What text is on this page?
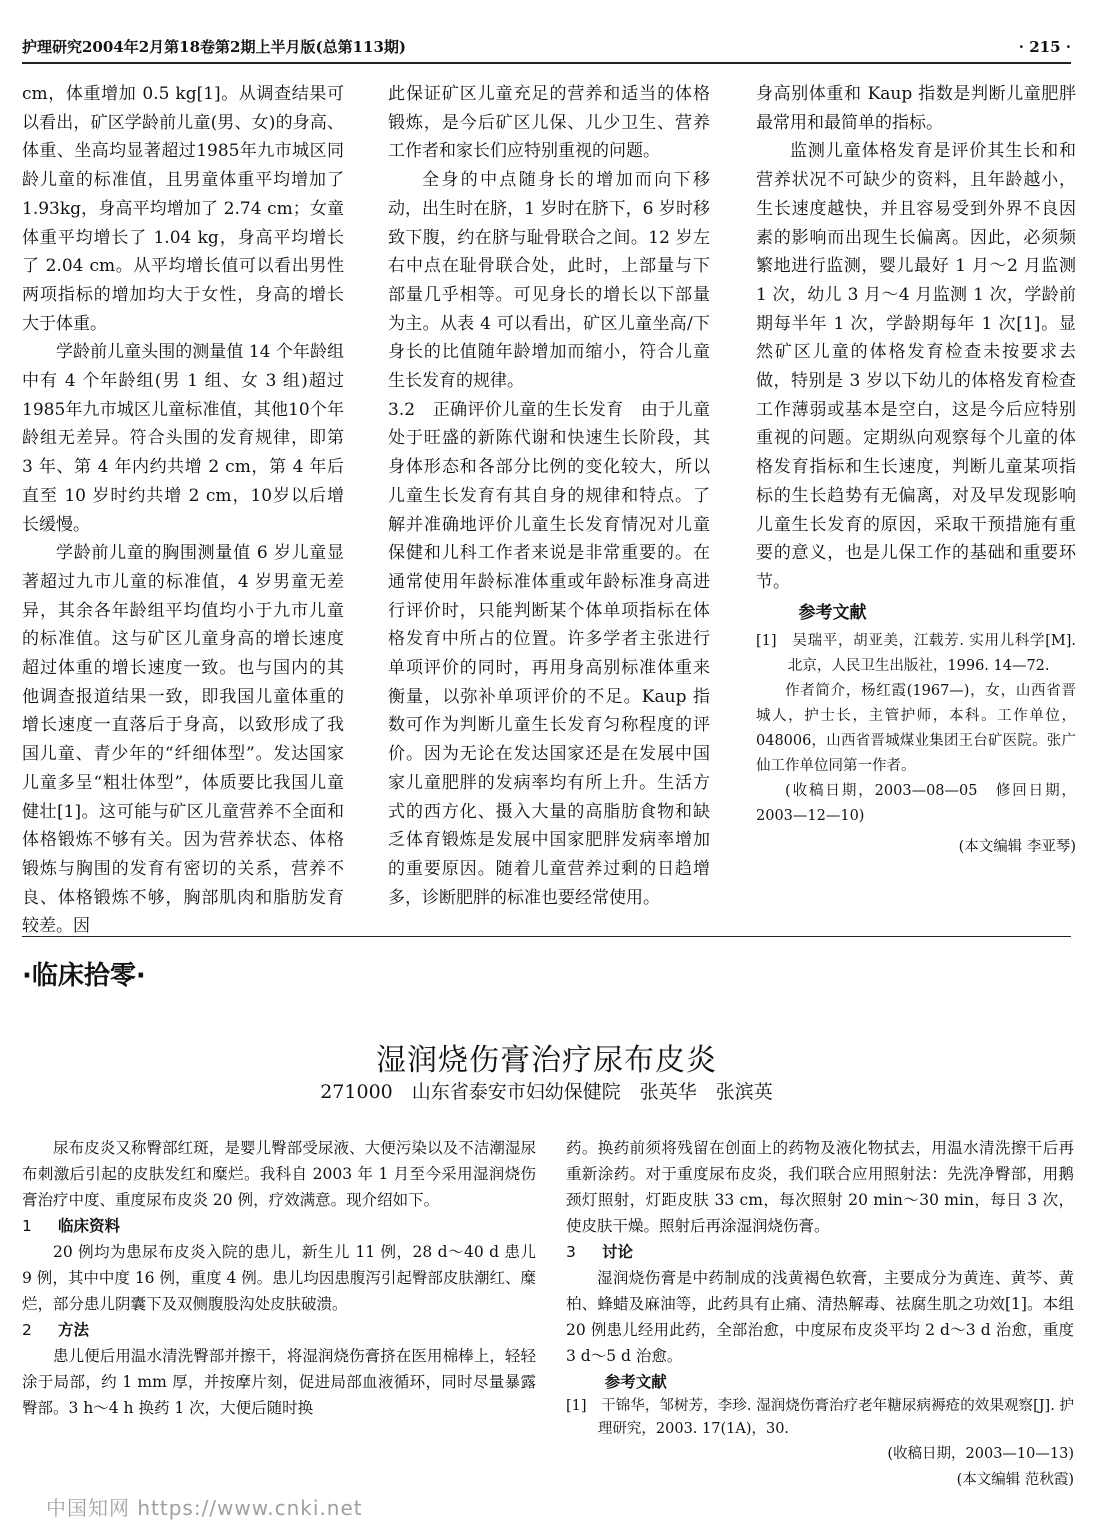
护理研究2004年2月第18卷第2期上半月版(总第113期)	· 215 ·

cm，体重增加 0.5 kg[1]。从调查结果可以看出，矿区学龄前儿童(男、女)的身高、体重、坐高均显著超过1985年九市城区同龄儿童的标准值，且男童体重平均增加了 1.93kg，身高平均增加了 2.74 cm；女童体重平均增长了 1.04 kg，身高平均增长了 2.04 cm。从平均增长值可以看出男性两项指标的增加均大于女性，身高的增长大于体重。

学龄前儿童头围的测量值 14 个年龄组中有 4 个年龄组(男 1 组、女 3 组)超过1985年九市城区儿童标准值，其他10个年龄组无差异。符合头围的发育规律，即第 3 年、第 4 年内约共增 2 cm，第 4 年后直至 10 岁时约共增 2 cm，10岁以后增长缓慢。

学龄前儿童的胸围测量值 6 岁儿童显著超过九市儿童的标准值，4 岁男童无差异，其余各年龄组平均值均小于九市儿童的标准值。这与矿区儿童身高的增长速度超过体重的增长速度一致。也与国内的其他调查报道结果一致，即我国儿童体重的增长速度一直落后于身高，以致形成了我国儿童、青少年的“纤细体型”。发达国家儿童多呈“粗壮体型”，体质要比我国儿童健壮[1]。这可能与矿区儿童营养不全面和体格锻炼不够有关。因为营养状态、体格锻炼与胸围的发育有密切的关系，营养不良、体格锻炼不够，胸部肌肉和脂肪发育较差。因

此保证矿区儿童充足的营养和适当的体格锻炼，是今后矿区儿保、儿少卫生、营养工作者和家长们应特别重视的问题。

全身的中点随身长的增加而向下移动，出生时在脐，1 岁时在脐下，6 岁时移致下腹，约在脐与耻骨联合之间。12 岁左右中点在耻骨联合处，此时，上部量与下部量几乎相等。可见身长的增长以下部量为主。从表 4 可以看出，矿区儿童坐高/下身长的比值随年龄增加而缩小，符合儿童生长发育的规律。

3.2　正确评价儿童的生长发育　由于儿童处于旺盛的新陈代谢和快速生长阶段，其身体形态和各部分比例的变化较大，所以儿童生长发育有其自身的规律和特点。了解并准确地评价儿童生长发育情况对儿童保健和儿科工作者来说是非常重要的。在通常使用年龄标准体重或年龄标准身高进行评价时，只能判断某个体单项指标在体格发育中所占的位置。许多学者主张进行单项评价的同时，再用身高别标准体重来衡量，以弥补单项评价的不足。Kaup 指数可作为判断儿童生长发育匀称程度的评价。因为无论在发达国家还是在发展中国家儿童肥胖的发病率均有所上升。生活方式的西方化、摄入大量的高脂肪食物和缺乏体育锻炼是发展中国家肥胖发病率增加的重要原因。随着儿童营养过剩的日趋增多，诊断肥胖的标准也要经常使用。

身高别体重和 Kaup 指数是判断儿童肥胖最常用和最简单的指标。

监测儿童体格发育是评价其生长和和营养状况不可缺少的资料，且年龄越小，生长速度越快，并且容易受到外界不良因素的影响而出现生长偏离。因此，必须频繁地进行监测，婴儿最好 1 月～2 月监测 1 次，幼儿 3 月～4 月监测 1 次，学龄前期每半年 1 次，学龄期每年 1 次[1]。显然矿区儿童的体格发育检查未按要求去做，特别是 3 岁以下幼儿的体格发育检查工作薄弱或基本是空白，这是今后应特别重视的问题。定期纵向观察每个儿童的体格发育指标和生长速度，判断儿童某项指标的生长趋势有无偏离，对及早发现影响儿童生长发育的原因，采取干预措施有重要的意义，也是儿保工作的基础和重要环节。

参考文献
[1]　吴瑞平，胡亚美，江载芳. 实用儿科学[M]. 北京，人民卫生出版社，1996. 14—72.

作者简介，杨红霞(1967—)，女，山西省晋城人，护士长，主管护师，本科。工作单位，048006，山西省晋城煤业集团王台矿医院。张广仙工作单位同第一作者。

(收稿日期，2003—08—05　修回日期，2003—12—10)

(本文编辑 李亚琴)
·临床拾零·
湿润烧伤膏治疗尿布皮炎
271000　山东省泰安市妇幼保健院　张英华　张滨英

尿布皮炎又称臀部红斑，是婴儿臀部受尿液、大便污染以及不洁潮湿尿布刺激后引起的皮肤发红和糜烂。我科自 2003 年 1 月至今采用湿润烧伤膏治疗中度、重度尿布皮炎 20 例，疗效满意。现介绍如下。

1 临床资料

20 例均为患尿布皮炎入院的患儿，新生儿 11 例，28 d～40 d 患儿 9 例，其中中度 16 例，重度 4 例。患儿均因患腹泻引起臀部皮肤潮红、糜烂，部分患儿阴囊下及双侧腹股沟处皮肤破溃。

2 方法

患儿便后用温水清洗臀部并擦干，将湿润烧伤膏挤在医用棉棒上，轻轻涂于局部，约 1 mm 厚，并按摩片刻，促进局部血液循环，同时尽量暴露臀部。3 h～4 h 换药 1 次，大便后随时换

药。换药前须将残留在创面上的药物及液化物拭去，用温水清洗擦干后再重新涂药。对于重度尿布皮炎，我们联合应用照射法：先洗净臀部，用鹅颈灯照射，灯距皮肤 33 cm，每次照射 20 min～30 min，每日 3 次，使皮肤干燥。照射后再涂湿润烧伤膏。

3 讨论

湿润烧伤膏是中药制成的浅黄褐色软膏，主要成分为黄连、黄芩、黄柏、蜂蜡及麻油等，此药具有止痛、清热解毒、祛腐生肌之功效[1]。本组 20 例患儿经用此药，全部治愈，中度尿布皮炎平均 2 d～3 d 治愈，重度 3 d～5 d 治愈。

参考文献

[1]　干锦华，邹树芳，李珍. 湿润烧伤膏治疗老年糖尿病褥疮的效果观察[J]. 护理研究，2003. 17(1A)，30.

(收稿日期，2003—10—13)

(本文编辑 范秋霞)

中国知网 https://www.cnki.net
